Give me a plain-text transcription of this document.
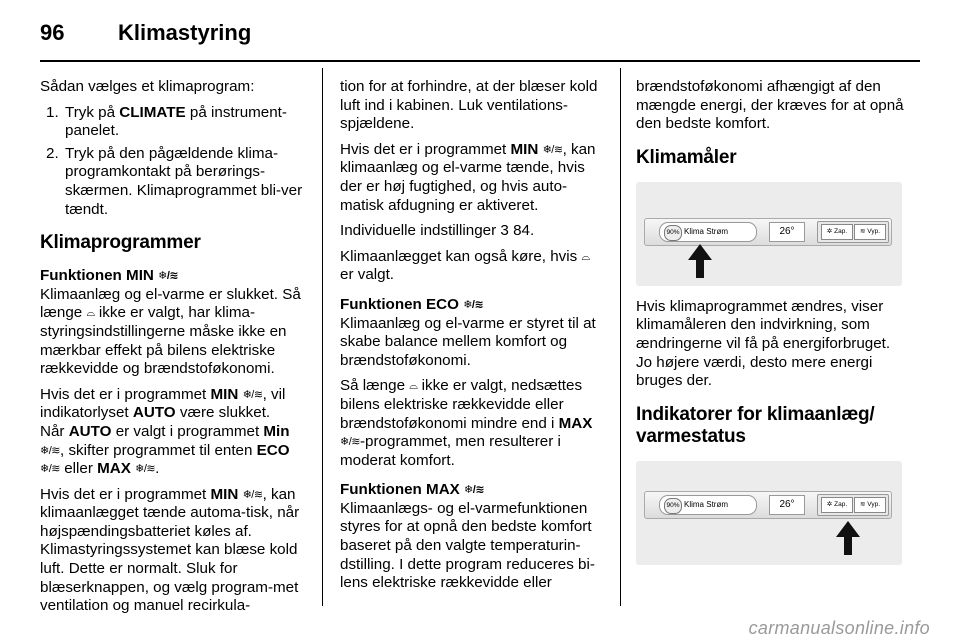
96 Klimastyring

Sådan vælges et klimaprogram:

1. Tryk på CLIMATE på instrument-panelet.
2. Tryk på den pågældende klima-programkontakt på berørings-skærmen. Klimaprogrammet bli-ver tændt.
Klimaprogrammer
Funktionen MIN ❄/≋

Klimaanlæg og el-varme er slukket. Så længe ⌓ ikke er valgt, har klima-styringsindstillingerne måske ikke en mærkbar effekt på bilens elektriske rækkevidde og brændstoføkonomi.

Hvis det er i programmet MIN ❄/≋, vil indikatorlyset AUTO være slukket.
Når AUTO er valgt i programmet Min ❄/≋, skifter programmet til enten ECO ❄/≋ eller MAX ❄/≋.

Hvis det er i programmet MIN ❄/≋, kan klimaanlægget tænde automa-tisk, når højspændingsbatteriet køles af. Klimastyringssystemet kan blæse kold luft. Dette er normalt. Sluk for blæserknappen, og vælg program-met ventilation og manuel recirkula-

tion for at forhindre, at der blæser kold luft ind i kabinen. Luk ventilations-spjældene.

Hvis det er i programmet MIN ❄/≋, kan klimaanlæg og el-varme tænde, hvis der er høj fugtighed, og hvis auto-matisk afdugning er aktiveret.

Individuelle indstillinger 3 84.

Klimaanlægget kan også køre, hvis ⌓ er valgt.

Funktionen ECO ❄/≋

Klimaanlæg og el-varme er styret til at skabe balance mellem komfort og brændstoføkonomi.

Så længe ⌓ ikke er valgt, nedsættes bilens elektriske rækkevidde eller brændstoføkonomi mindre end i MAX ❄/≋-programmet, men resulterer i moderat komfort.

Funktionen MAX ❄/≋

Klimaanlægs- og el-varmefunktionen styres for at opnå den bedste komfort baseret på den valgte temperaturin-dstilling. I dette program reduceres bi-lens elektriske rækkevidde eller

brændstoføkonomi afhængigt af den mængde energi, der kræves for at opnå den bedste komfort.

Klimamåler
90% Klima Strøm	26°	✲ Zap.	≋ Vyp.

Hvis klimaprogrammet ændres, viser klimamåleren den indvirkning, som ændringerne vil få på energiforbruget. Jo højere værdi, desto mere energi bruges der.

Indikatorer for klimaanlæg/ varmestatus
90% Klima Strøm	26°	✲ Zap.	≋ Vyp.
carmanualsonline.info
